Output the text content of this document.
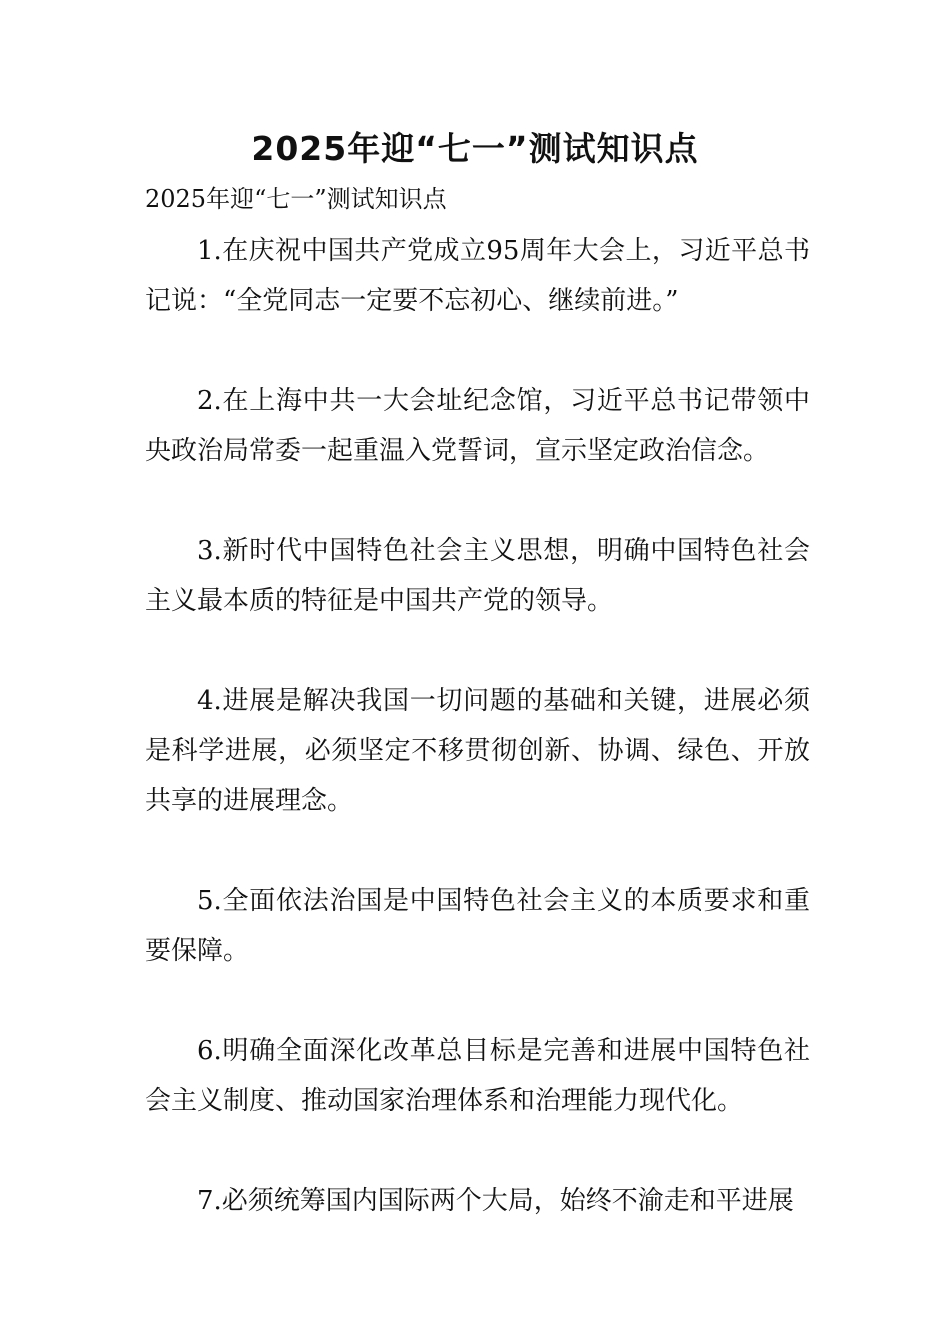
2025年迎“七一”测试知识点
2025年迎“七一”测试知识点

1.在庆祝中国共产党成立95周年大会上，习近平总书记说：“全党同志一定要不忘初心、继续前进。”

2.在上海中共一大会址纪念馆，习近平总书记带领中央政治局常委一起重温入党誓词，宣示坚定政治信念。

3.新时代中国特色社会主义思想，明确中国特色社会主义最本质的特征是中国共产党的领导。

4.进展是解决我国一切问题的基础和关键，进展必须是科学进展，必须坚定不移贯彻创新、协调、绿色、开放共享的进展理念。

5.全面依法治国是中国特色社会主义的本质要求和重要保障。

6.明确全面深化改革总目标是完善和进展中国特色社会主义制度、推动国家治理体系和治理能力现代化。

7.必须统筹国内国际两个大局，始终不渝走和平进展
